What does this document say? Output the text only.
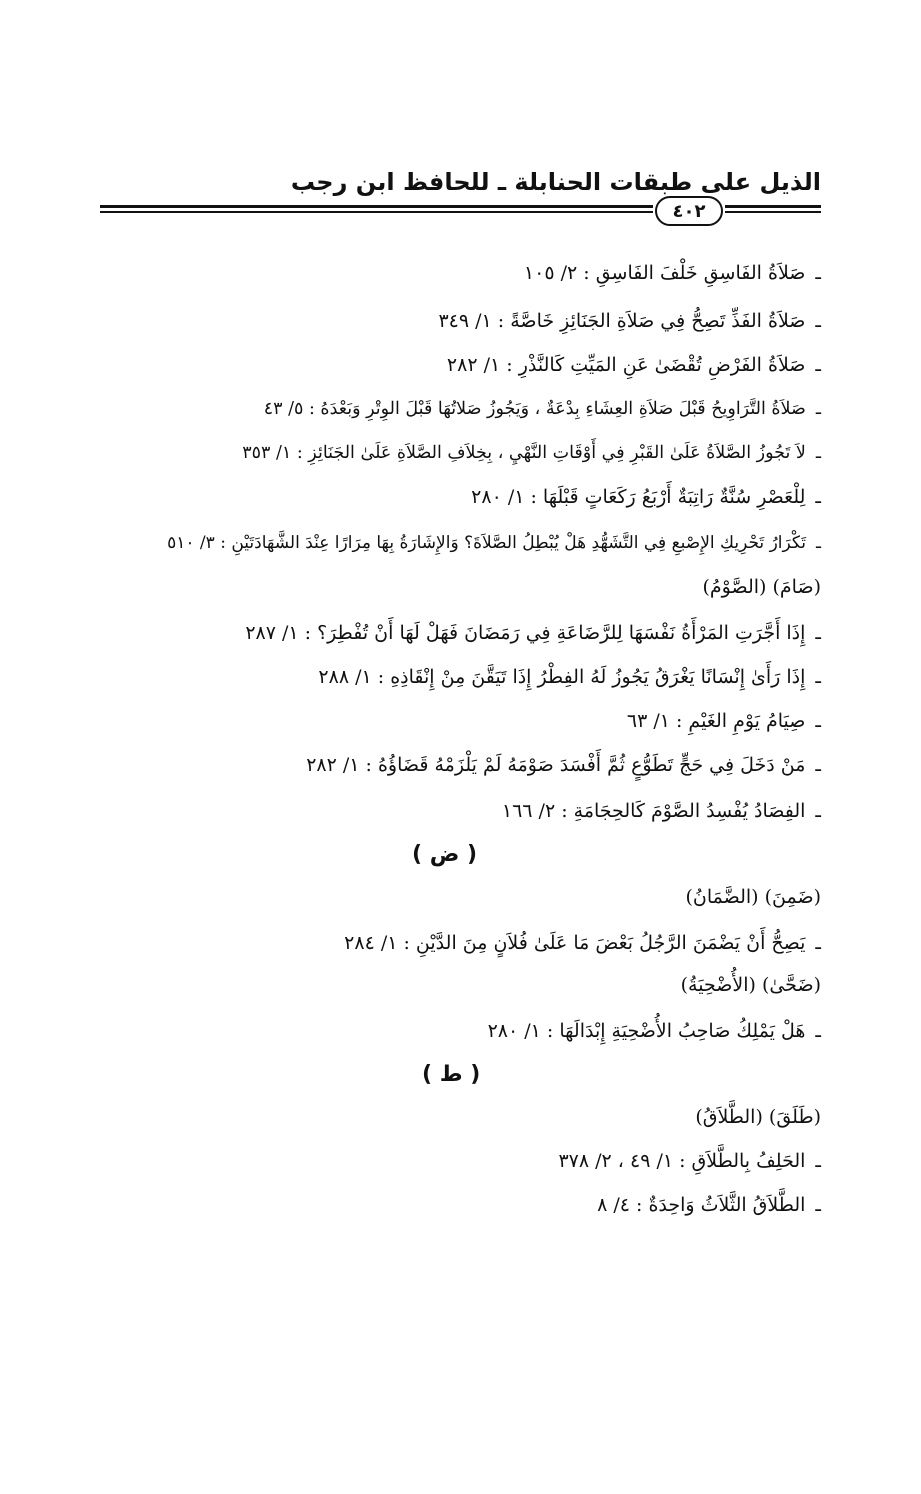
الذيل على طبقات الحنابلة ـ للحافظ ابن رجب
٤٠٢
ـصَلاَةُ الفَاسِقِ خَلْفَ الفَاسِقِ : ٢/ ١٠٥
ـصَلاَةُ الفَذِّ تَصِحُّ فِي صَلاَةِ الجَنَائِزِ خَاصَّةً : ١/ ٣٤٩
ـصَلاَةُ الفَرْضِ تُقْضَىٰ عَنِ المَيِّتِ كَالنَّذْرِ : ١/ ٢٨٢
ـصَلاَةُ التَّرَاوِيحُ قَبْلَ صَلاَةِ العِشَاءِ بِدْعَةٌ ، وَيَجُوزُ صَلاتُهَا قَبْلَ الوِتْرِ وَبَعْدَهُ : ٥/ ٤٣
ـلاَ تَجُوزُ الصَّلاَةُ عَلَىٰ القَبْرِ فِي أَوْقَاتِ النَّهْيِ ، بِخِلاَفِ الصَّلاَةِ عَلَىٰ الجَنَائِزِ : ١/ ٣٥٣
ـلِلْعَصْرِ سُنَّةٌ رَاتِبَةٌ أَرْبَعُ رَكَعَاتٍ قَبْلَهَا : ١/ ٢٨٠
ـتَكْرَارُ تَحْرِيكِ الإِصْبعِ فِي التَّشَهُّدِ هَلْ يُبْطِلُ الصَّلاَةَ؟ وَالإِشَارَةُ بِهَا مِرَارًا عِنْدَ الشَّهَادَتَيْنِ : ٣/ ٥١٠
(صَامَ) (الصَّوْمُ)
ـإِذَا أَجَّرَتِ المَرْأَةُ نَفْسَهَا لِلرَّضَاعَةِ فِي رَمَضَانَ فَهَلْ لَهَا أَنْ تُفْطِرَ؟ : ١/ ٢٨٧
ـإِذَا رَأَىٰ إِنْسَانًا يَغْرَقُ يَجُوزُ لَهُ الفِطْرُ إِذَا تَيَقَّنَ مِنْ إِنْقَاذِهِ : ١/ ٢٨٨
ـصِيَامُ يَوْمِ الغَيْمِ : ١/ ٦٣
ـمَنْ دَخَلَ فِي حَجٍّ تَطَوُّعٍ ثُمَّ أَفْسَدَ صَوْمَهُ لَمْ يَلْزَمْهُ قَضَاؤُهُ : ١/ ٢٨٢
ـالفِصَادُ يُفْسِدُ الصَّوْمَ كَالحِجَامَةِ : ٢/ ١٦٦
( ض )
(ضَمِنَ) (الضَّمَانُ)
ـيَصِحُّ أَنْ يَضْمَنَ الرَّجُلُ بَعْضَ مَا عَلَىٰ فُلاَنٍ مِنَ الدَّيْنِ : ١/ ٢٨٤
(ضَحَّىٰ) (الأُضْحِيَةُ)
ـهَلْ يَمْلِكُ صَاحِبُ الأُضْحِيَةِ إِبْدَالَهَا : ١/ ٢٨٠
( ط )
(طَلَقَ) (الطَّلاَقُ)
ـالحَلِفُ بِالطَّلاَقِ : ١/ ٤٩ ، ٢/ ٣٧٨
ـالطَّلاَقُ الثَّلاَثُ وَاحِدَةٌ : ٤/ ٨
